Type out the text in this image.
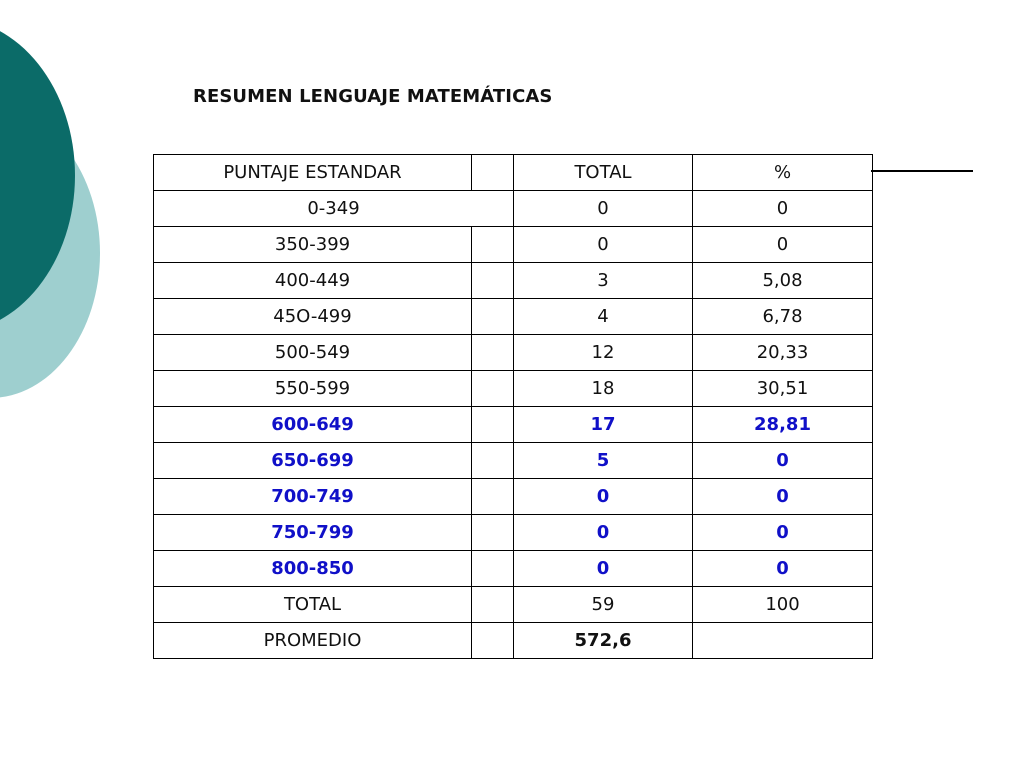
RESUMEN LENGUAJE MATEMÁTICAS
PUNTAJE ESTANDAR		TOTAL	%
0-349		0	0
350-399		0	0
400-449		3	5,08
45O-499		4	6,78
500-549		12	20,33
550-599		18	30,51
600-649		17	28,81
650-699		5	0
700-749		0	0
750-799		0	0
800-850		0	0
TOTAL		59	100
PROMEDIO		572,6	
